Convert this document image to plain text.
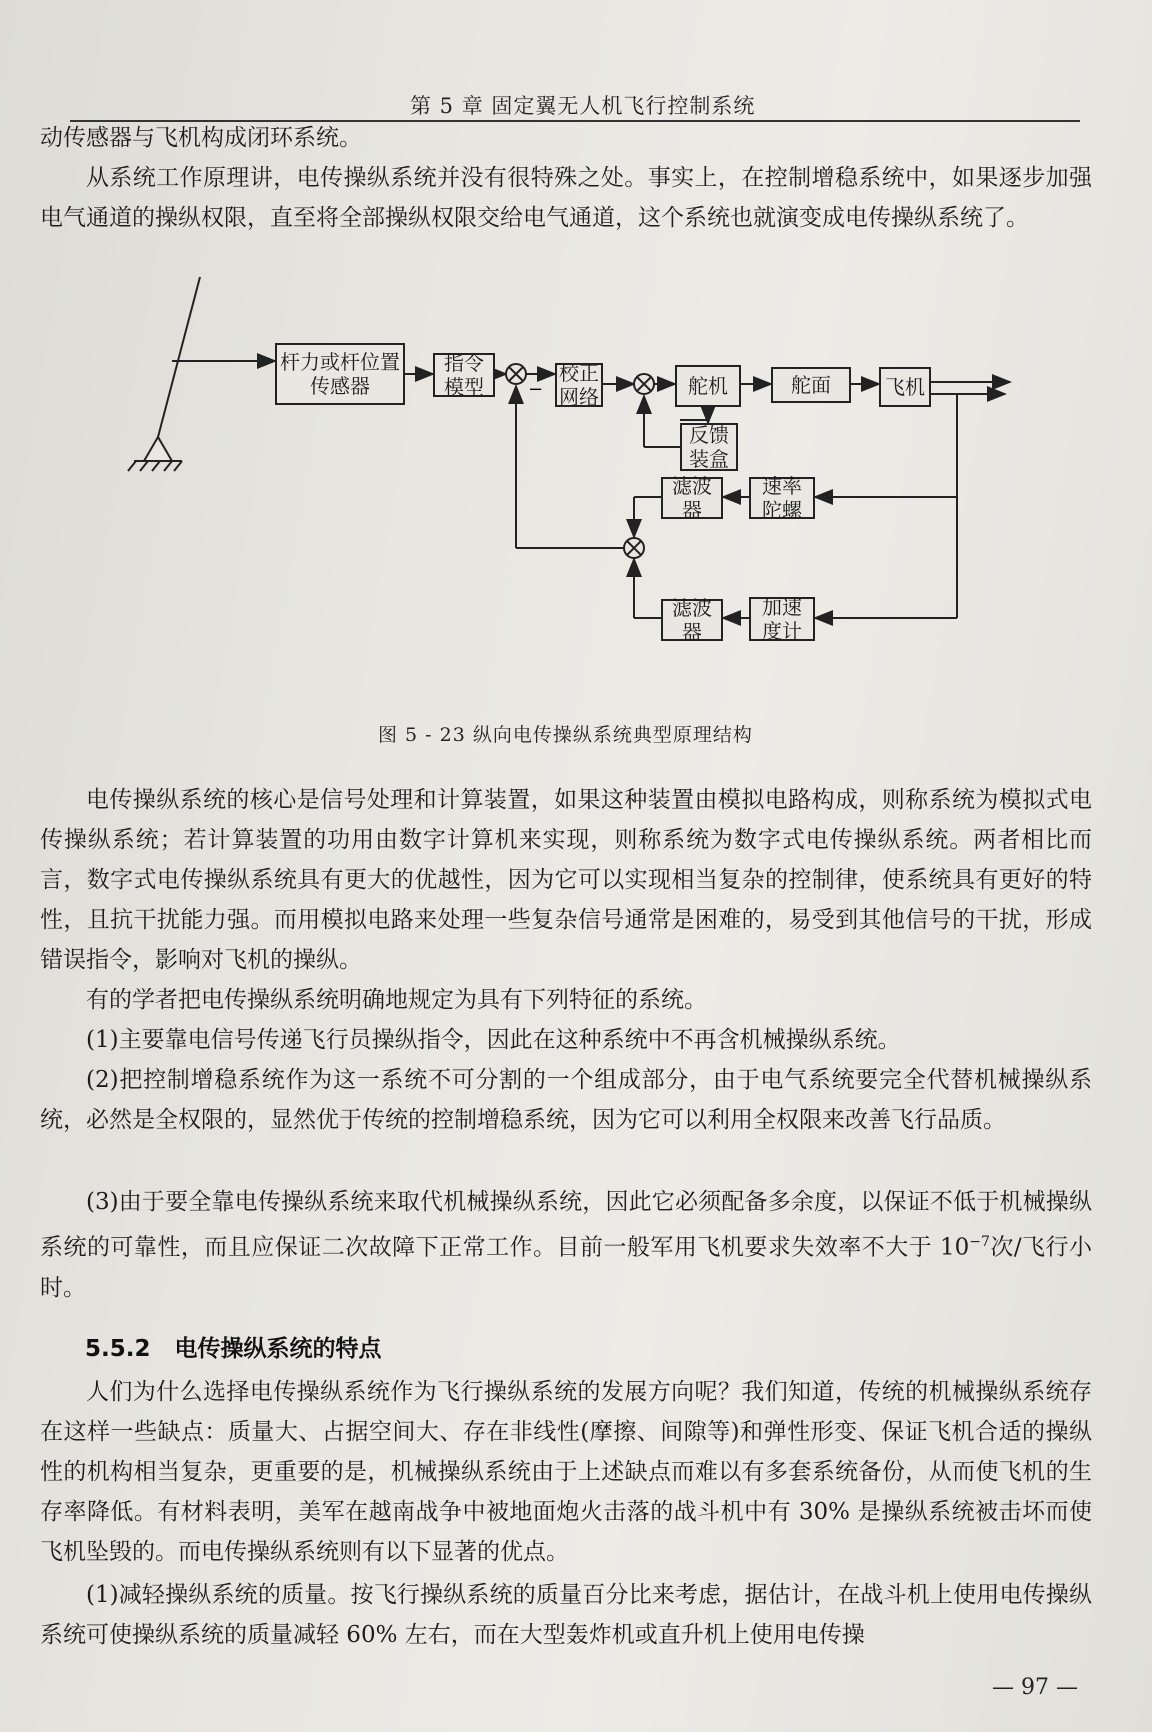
第 5 章 固定翼无人机飞行控制系统

动传感器与飞机构成闭环系统。

从系统工作原理讲，电传操纵系统并没有很特殊之处。事实上，在控制增稳系统中，如果逐步加强电气通道的操纵权限，直至将全部操纵权限交给电气通道，这个系统也就演变成电传操纵系统了。

杆力或杆位置传感器
指令模型
校正网络	舵机	舵面	飞机
反馈装盒
滤波器
速率陀螺
滤波器
加速度计
−
图 5 - 23 纵向电传操纵系统典型原理结构

电传操纵系统的核心是信号处理和计算装置，如果这种装置由模拟电路构成，则称系统为模拟式电传操纵系统；若计算装置的功用由数字计算机来实现，则称系统为数字式电传操纵系统。两者相比而言，数字式电传操纵系统具有更大的优越性，因为它可以实现相当复杂的控制律，使系统具有更好的特性，且抗干扰能力强。而用模拟电路来处理一些复杂信号通常是困难的，易受到其他信号的干扰，形成错误指令，影响对飞机的操纵。

有的学者把电传操纵系统明确地规定为具有下列特征的系统。

(1)主要靠电信号传递飞行员操纵指令，因此在这种系统中不再含机械操纵系统。

(2)把控制增稳系统作为这一系统不可分割的一个组成部分，由于电气系统要完全代替机械操纵系统，必然是全权限的，显然优于传统的控制增稳系统，因为它可以利用全权限来改善飞行品质。

(3)由于要全靠电传操纵系统来取代机械操纵系统，因此它必须配备多余度，以保证不低于机械操纵系统的可靠性，而且应保证二次故障下正常工作。目前一般军用飞机要求失效率不大于 $10^{-7}$次/飞行小时。

5.5.2 电传操纵系统的特点

人们为什么选择电传操纵系统作为飞行操纵系统的发展方向呢？我们知道，传统的机械操纵系统存在这样一些缺点：质量大、占据空间大、存在非线性(摩擦、间隙等)和弹性形变、保证飞机合适的操纵性的机构相当复杂，更重要的是，机械操纵系统由于上述缺点而难以有多套系统备份，从而使飞机的生存率降低。有材料表明，美军在越南战争中被地面炮火击落的战斗机中有 30% 是操纵系统被击坏而使飞机坠毁的。而电传操纵系统则有以下显著的优点。

(1)减轻操纵系统的质量。按飞行操纵系统的质量百分比来考虑，据估计，在战斗机上使用电传操纵系统可使操纵系统的质量减轻 60% 左右，而在大型轰炸机或直升机上使用电传操

— 97 —
